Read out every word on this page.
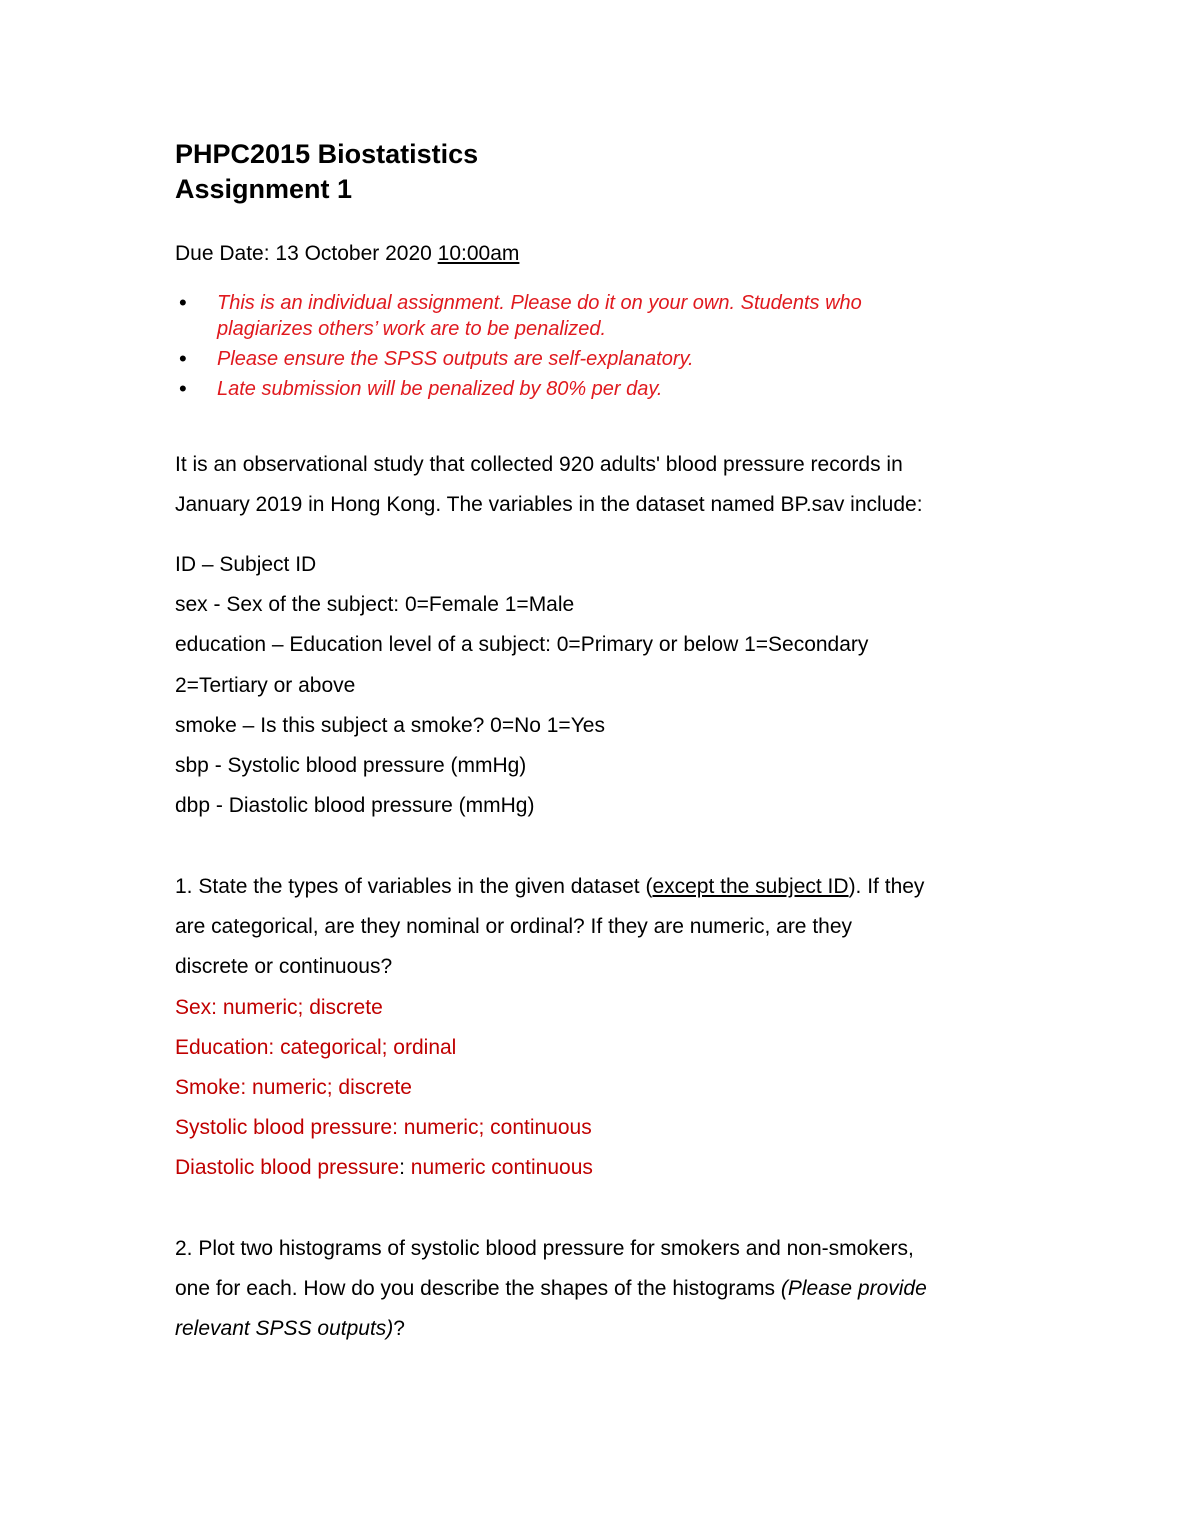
PHPC2015 Biostatistics
Assignment 1
Due Date: 13 October 2020 10:00am
• This is an individual assignment. Please do it on your own. Students who
plagiarizes others’ work are to be penalized.
• Please ensure the SPSS outputs are self-explanatory.
• Late submission will be penalized by 80% per day.

It is an observational study that collected 920 adults' blood pressure records in
January 2019 in Hong Kong. The variables in the dataset named BP.sav include:

ID – Subject ID
sex - Sex of the subject: 0=Female 1=Male
education – Education level of a subject: 0=Primary or below 1=Secondary
2=Tertiary or above
smoke – Is this subject a smoke? 0=No 1=Yes
sbp - Systolic blood pressure (mmHg)
dbp - Diastolic blood pressure (mmHg)
1. State the types of variables in the given dataset (except the subject ID). If they
are categorical, are they nominal or ordinal? If they are numeric, are they
discrete or continuous?
Sex: numeric; discrete
Education: categorical; ordinal
Smoke: numeric; discrete
Systolic blood pressure: numeric; continuous
Diastolic blood pressure: numeric continuous
2. Plot two histograms of systolic blood pressure for smokers and non-smokers,
one for each. How do you describe the shapes of the histograms (Please provide
relevant SPSS outputs)?
